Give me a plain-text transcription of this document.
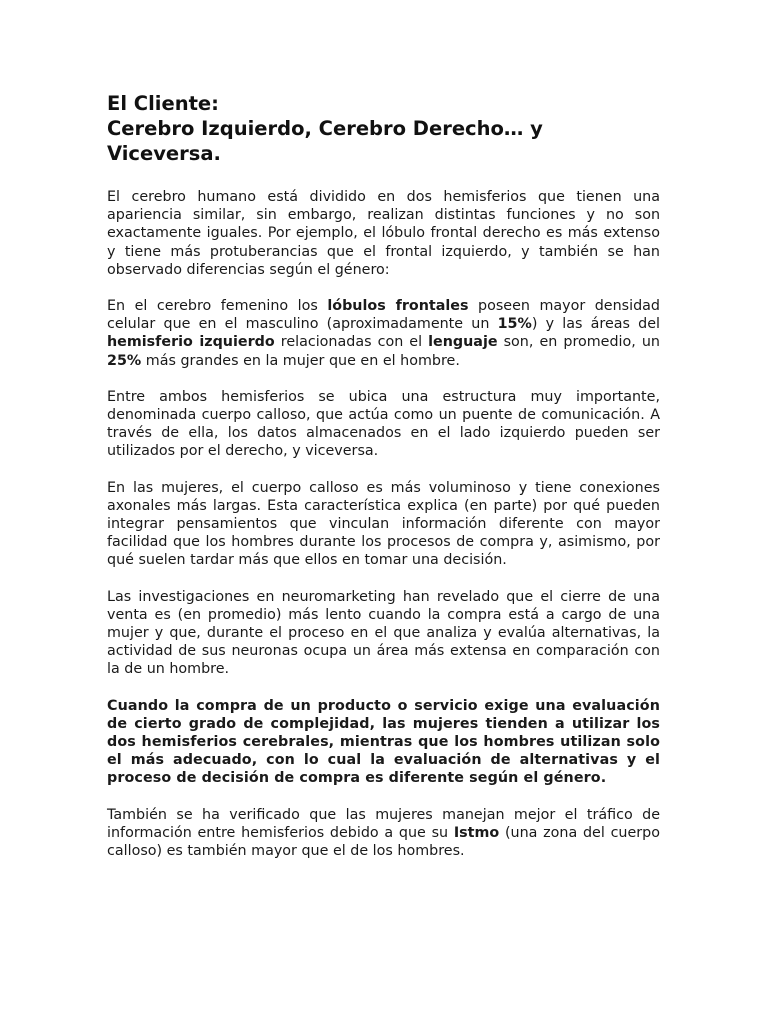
El Cliente:
Cerebro Izquierdo, Cerebro Derecho… y
Viceversa.

El cerebro humano está dividido en dos hemisferios que tienen una apariencia similar, sin embargo, realizan distintas funciones y no son exactamente iguales. Por ejemplo, el lóbulo frontal derecho es más extenso y tiene más protuberancias que el frontal izquierdo, y también se han observado diferencias según el género:

En el cerebro femenino los lóbulos frontales poseen mayor densidad celular que en el masculino (aproximadamente un 15%) y las áreas del hemisferio izquierdo relacionadas con el lenguaje son, en promedio, un 25% más grandes en la mujer que en el hombre.

Entre ambos hemisferios se ubica una estructura muy importante, denominada cuerpo calloso, que actúa como un puente de comunicación. A través de ella, los datos almacenados en el lado izquierdo pueden ser utilizados por el derecho, y viceversa.

En las mujeres, el cuerpo calloso es más voluminoso y tiene conexiones axonales más largas. Esta característica explica (en parte) por qué pueden integrar pensamientos que vinculan información diferente con mayor facilidad que los hombres durante los procesos de compra y, asimismo, por qué suelen tardar más que ellos en tomar una decisión.

Las investigaciones en neuromarketing han revelado que el cierre de una venta es (en promedio) más lento cuando la compra está a cargo de una mujer y que, durante el proceso en el que analiza y evalúa alternativas, la actividad de sus neuronas ocupa un área más extensa en comparación con la de un hombre.

Cuando la compra de un producto o servicio exige una evaluación de cierto grado de complejidad, las mujeres tienden a utilizar los dos hemisferios cerebrales, mientras que los hombres utilizan solo el más adecuado, con lo cual la evaluación de alternativas y el proceso de decisión de compra es diferente según el género.

También se ha verificado que las mujeres manejan mejor el tráfico de información entre hemisferios debido a que su Istmo (una zona del cuerpo calloso) es también mayor que el de los hombres.
